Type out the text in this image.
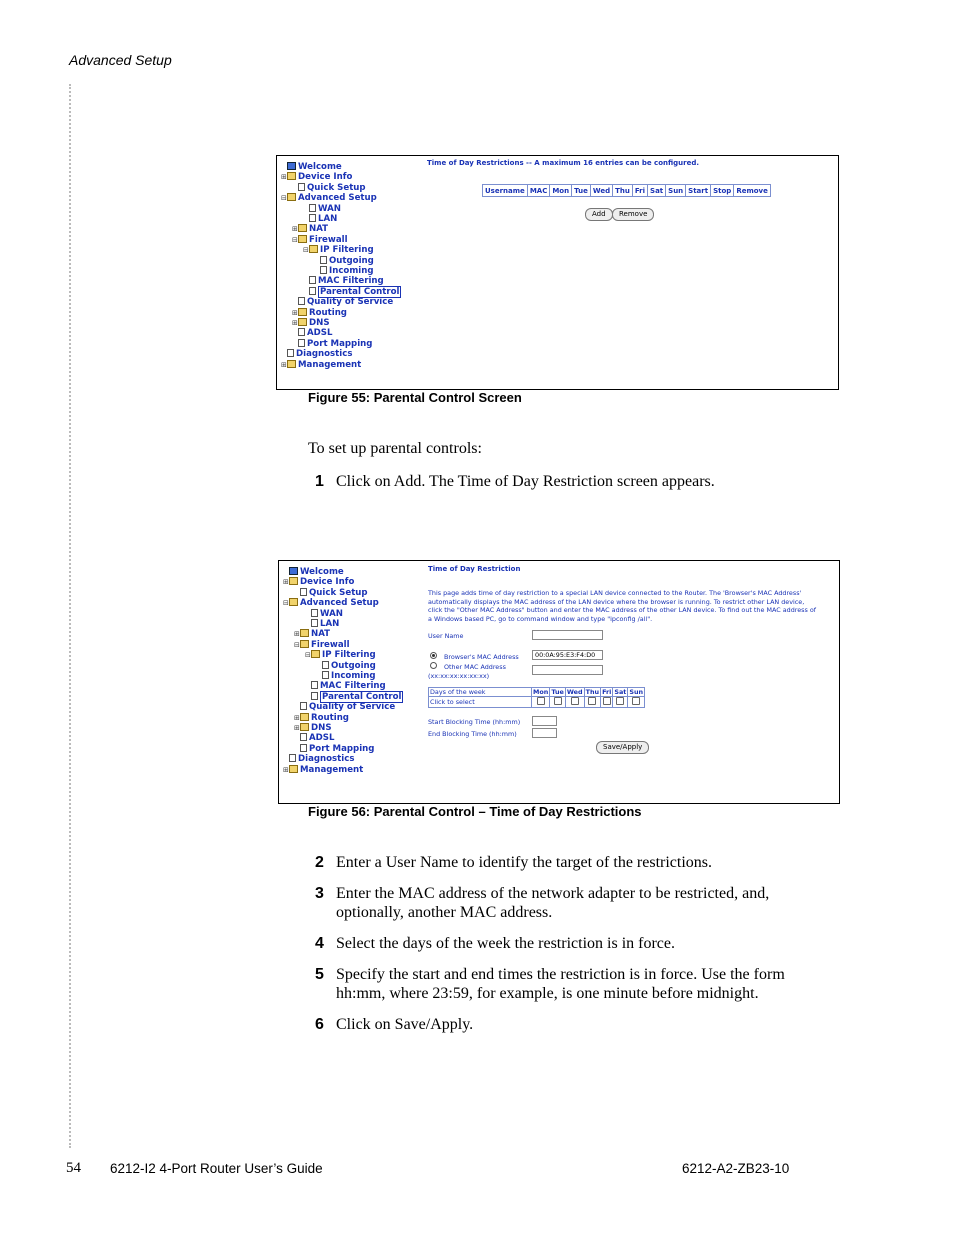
Advanced Setup
Welcome
⊞ Device Info
Quick Setup
⊟ Advanced Setup
WAN
LAN
⊞ NAT
⊟ Firewall
⊟ IP Filtering
Outgoing
Incoming
MAC Filtering
Parental Control
Quality of Service
⊞ Routing
⊞ DNS
ADSL
Port Mapping
Diagnostics
⊞ Management
Time of Day Restrictions -- A maximum 16 entries can be configured.
Username	MAC	Mon	Tue	Wed	Thu	Fri	Sat	Sun	Start	Stop	Remove
Add	Remove
Figure 55: Parental Control Screen
To set up parental controls:
1 Click on Add. The Time of Day Restriction screen appears.
Welcome
⊞ Device Info
Quick Setup
⊟ Advanced Setup
WAN
LAN
⊞ NAT
⊟ Firewall
⊟ IP Filtering
Outgoing
Incoming
MAC Filtering
Parental Control
Quality of Service
⊞ Routing
⊞ DNS
ADSL
Port Mapping
Diagnostics
⊞ Management
Time of Day Restriction
This page adds time of day restriction to a special LAN device connected to the Router. The 'Browser's MAC Address' automatically displays the MAC address of the LAN device where the browser is running. To restrict other LAN device, click the "Other MAC Address" button and enter the MAC address of the other LAN device. To find out the MAC address of a Windows based PC, go to command window and type "ipconfig /all".
User Name
Browser's MAC Address	00:0A:95:E3:F4:D0
Other MAC Address
(xx:xx:xx:xx:xx:xx)
Days of the week	Mon	Tue	Wed	Thu	Fri	Sat	Sun
Click to select							
Start Blocking Time (hh:mm)
End Blocking Time (hh:mm)
Save/Apply
Figure 56: Parental Control – Time of Day Restrictions
2 Enter a User Name to identify the target of the restrictions.
3 Enter the MAC address of the network adapter to be restricted, and, optionally, another MAC address.
4 Select the days of the week the restriction is in force.
5 Specify the start and end times the restriction is in force. Use the form hh:mm, where 23:59, for example, is one minute before midnight.
6 Click on Save/Apply.
54 6212-I2 4-Port Router User’s Guide	6212-A2-ZB23-10
